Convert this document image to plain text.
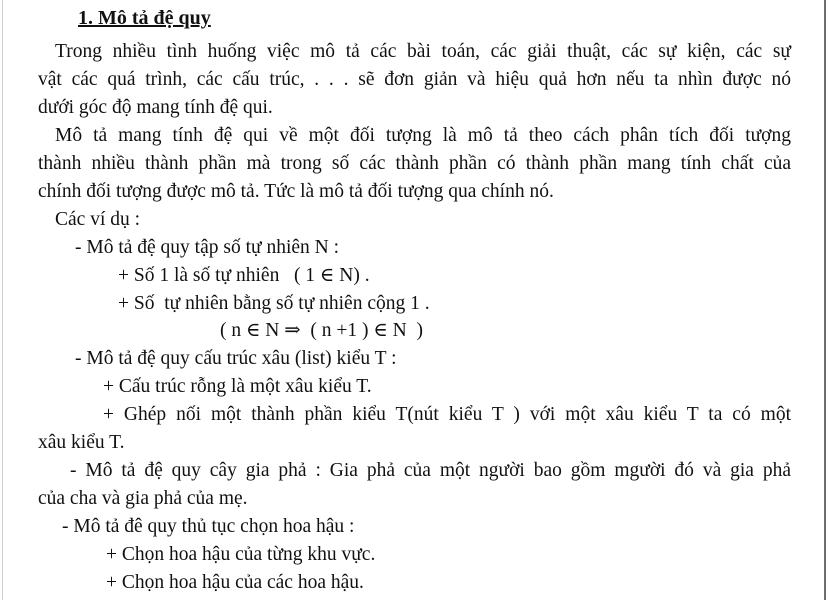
1. Mô tả đệ quy
Trong nhiều tình huống việc mô tả các bài toán, các giải thuật, các sự kiện, các sự
vật các quá trình, các cấu trúc, . . . sẽ đơn giản và hiệu quả hơn nếu ta nhìn được nó
dưới góc độ mang tính đệ qui.
Mô tả mang tính đệ qui về một đối tượng là mô tả theo cách phân tích đối tượng
thành nhiều thành phần mà trong số các thành phần có thành phần mang tính chất của
chính đối tượng được mô tả. Tức là mô tả đối tượng qua chính nó.
Các ví dụ :
- Mô tả đệ quy tập số tự nhiên N :
+ Số 1 là số tự nhiên   ( 1 ∈ N) .
+ Số  tự nhiên bằng số tự nhiên cộng 1 .
( n ∈ N ⇒  ( n +1 ) ∈ N  )
- Mô tả đệ quy cấu trúc xâu (list) kiểu T :
+ Cấu trúc rỗng là một xâu kiểu T.
+ Ghép nối một thành phần kiểu T(nút kiểu T ) với một xâu kiểu T ta có một
xâu kiểu T.
- Mô tả đệ quy cây gia phả : Gia phả của một người bao gồm mgười đó và gia phả
của cha và gia phả của mẹ.
- Mô tả đê quy thủ tục chọn hoa hậu :
+ Chọn hoa hậu của từng khu vực.
+ Chọn hoa hậu của các hoa hậu.
